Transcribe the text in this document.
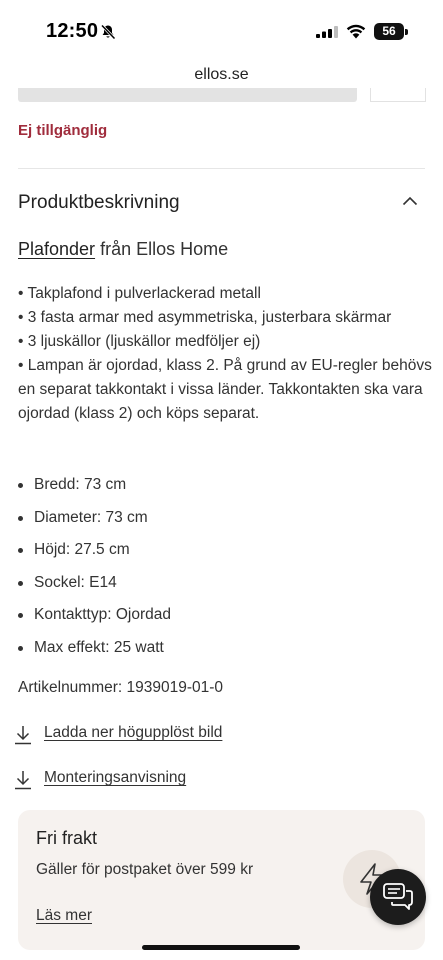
12:50	56
ellos.se
Ej tillgänglig
Produktbeskrivning
Plafonder från Ellos Home

• Takplafond i pulverlackerad metall

• 3 fasta armar med asymmetriska, justerbara skärmar

• 3 ljuskällor (ljuskällor medföljer ej)

• Lampan är ojordad, klass 2. På grund av EU-regler behövs en separat takkontakt i vissa länder. Takkontakten ska vara ojordad (klass 2) och köps separat.

Bredd: 73 cm
Diameter: 73 cm
Höjd: 27.5 cm
Sockel: E14
Kontakttyp: Ojordad
Max effekt: 25 watt
Artikelnummer: 1939019-01-0
Ladda ner högupplöst bild
Monteringsanvisning
Fri frakt
Gäller för postpaket över 599 kr
Läs mer
